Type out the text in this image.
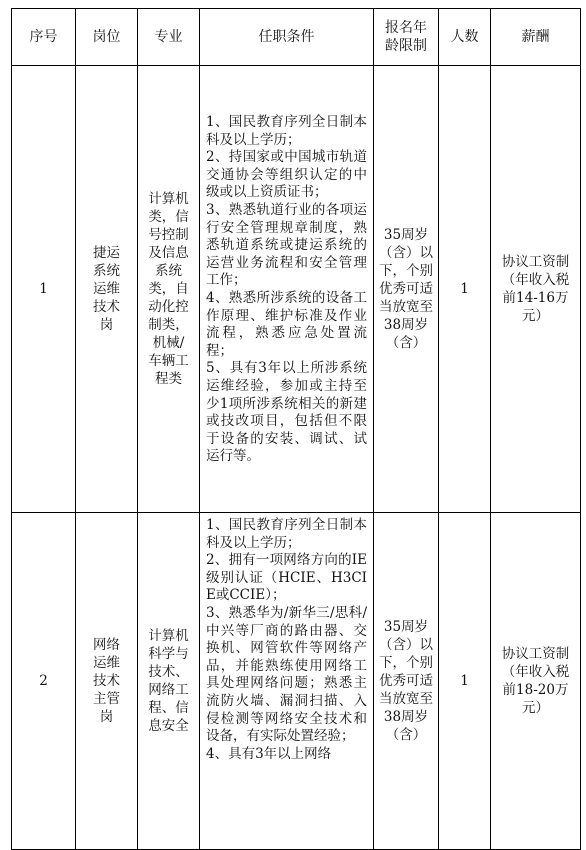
序号	岗位	专业	任职条件	报名年龄限制	人数	薪酬
1	捷运系统运维技术岗	计算机类，信号控制及信息系统类，自动化控制类，机械/车辆工程类	1、国民教育序列全日制本科及以上学历；

2、持国家或中国城市轨道交通协会等组织认定的中级或以上资质证书；

3、熟悉轨道行业的各项运行安全管理规章制度，熟悉轨道系统或捷运系统的运营业务流程和安全管理工作；

4、熟悉所涉系统的设备工作原理、维护标准及作业流程，熟悉应急处置流程；

5、具有3年以上所涉系统运维经验，参加或主持至少1项所涉系统相关的新建或技改项目，包括但不限于设备的安装、调试、试运行等。	35周岁（含）以下，个别优秀可适当放宽至38周岁（含）	1	协议工资制（年收入税前14-16万元）

2	网络运维技术主管岗	计算机科学与技术、网络工程、信息安全	1、国民教育序列全日制本科及以上学历；

2、拥有一项网络方向的IE级别认证（HCIE、H3CIE或CCIE）；

3、熟悉华为/新华三/思科/中兴等厂商的路由器、交换机、网管软件等网络产品，并能熟练使用网络工具处理网络问题；熟悉主流防火墙、漏洞扫描、入侵检测等网络安全技术和设备，有实际处置经验；

4、具有3年以上网络	35周岁（含）以下，个别优秀可适当放宽至38周岁（含）	1	协议工资制（年收入税前18-20万元）
